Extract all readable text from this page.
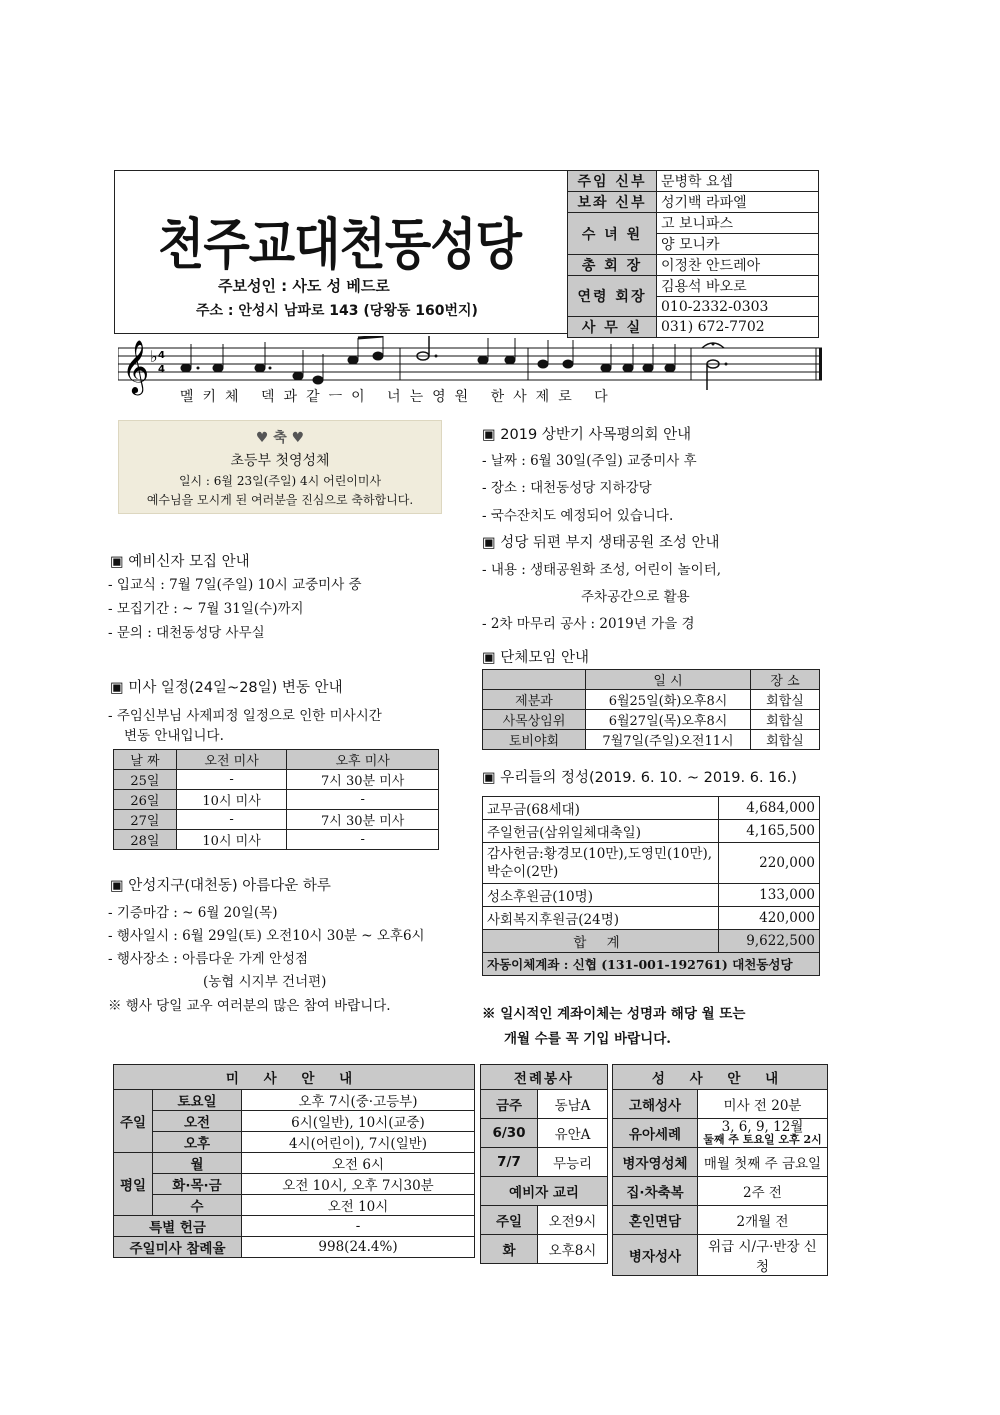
천주교대천동성당
주보성인 : 사도 성 베드로
주소 : 안성시 남파로 143 (당왕동 160번지)
주임 신부	문병학 요셉
보좌 신부	성기백 라파엘
수 녀 원	고 보니파스
	양 모니카
총 회 장	이정찬 안드레아
연령 회장	김용석 바오로
	010-2332-0303
사 무 실	031) 672-7702
𝄞 ♭ 4
4
멜키체 덱과같ㅡ이 너는영원 한사제로 다
♥ 축 ♥
초등부 첫영성체
일시 : 6월 23일(주일) 4시 어린이미사
예수님을 모시게 된 여러분을 진심으로 축하합니다.
▣ 예비신자 모집 안내
- 입교식 : 7월 7일(주일) 10시 교중미사 중
- 모집기간 : ~ 7월 31일(수)까지
- 문의 : 대천동성당 사무실
▣ 미사 일정(24일~28일) 변동 안내
- 주임신부님 사제피정 일정으로 인한 미사시간
변동 안내입니다.
날 짜	오전 미사	오후 미사
25일	-	7시 30분 미사
26일	10시 미사	-
27일	-	7시 30분 미사
28일	10시 미사	-
▣ 안성지구(대천동) 아름다운 하루
- 기증마감 : ~ 6월 20일(목)
- 행사일시 : 6월 29일(토) 오전10시 30분 ~ 오후6시
- 행사장소 : 아름다운 가게 안성점
(농협 시지부 건너편)
※ 행사 당일 교우 여러분의 많은 참여 바랍니다.
▣ 2019 상반기 사목평의회 안내
- 날짜 : 6월 30일(주일) 교중미사 후
- 장소 : 대천동성당 지하강당
- 국수잔치도 예정되어 있습니다.
▣ 성당 뒤편 부지 생태공원 조성 안내
- 내용 : 생태공원화 조성, 어린이 놀이터,
주차공간으로 활용
- 2차 마무리 공사 : 2019년 가을 경
▣ 단체모임 안내
	일 시	장 소
제분과	6월25일(화)오후8시	회합실
사목상임위	6월27일(목)오후8시	회합실
토비야회	7월7일(주일)오전11시	회합실
▣ 우리들의 정성(2019. 6. 10. ~ 2019. 6. 16.)
교무금(68세대)	4,684,000
주일헌금(삼위일체대축일)	4,165,500
감사헌금:황경모(10만),도영민(10만),박순이(2만)	220,000
성소후원금(10명)	133,000
사회복지후원금(24명)	420,000
합 계	9,622,500
자동이체계좌 : 신협 (131-001-192761) 대천동성당	
※ 일시적인 계좌이체는 성명과 해당 월 또는
개월 수를 꼭 기입 바랍니다.
미 사 안 내		
주일	토요일	오후 7시(중·고등부)
	오전	6시(일반), 10시(교중)
	오후	4시(어린이), 7시(일반)
평일	월	오전 6시
	화·목·금	오전 10시, 오후 7시30분
	수	오전 10시
특별 헌금		-
주일미사 참례율		998(24.4%)
전례봉사	
금주	동남A
6/30	유안A
7/7	무능리
예비자 교리	
주일	오전9시
화	오후8시
성 사 안 내	
고해성사	미사 전 20분
유아세례	3, 6, 9, 12월
둘째 주 토요일 오후 2시
병자영성체	매월 첫째 주 금요일
집·차축복	2주 전
혼인면담	2개월 전
병자성사	위급 시/구·반장 신청
